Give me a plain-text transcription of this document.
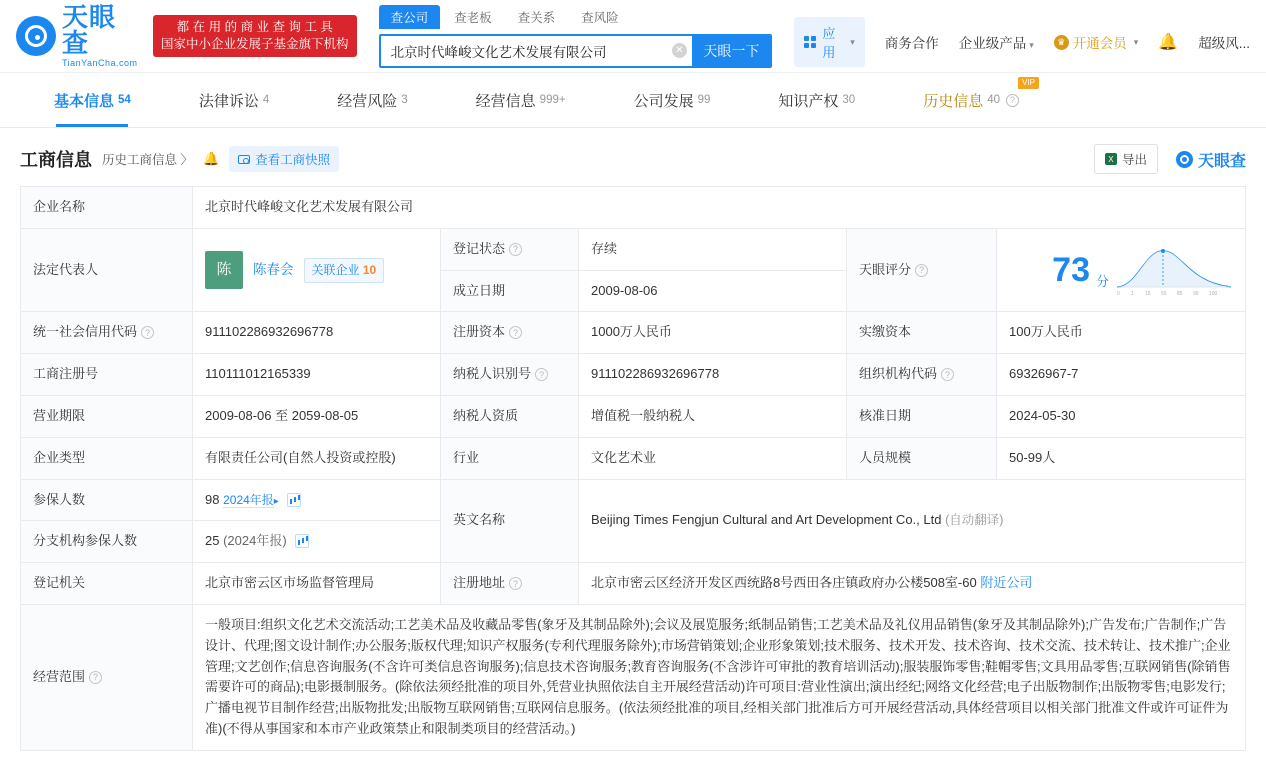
天眼查
TianYanCha.com
都 在 用 的 商 业 查 询 工 具
国家中小企业发展子基金旗下机构
查公司	查老板	查关系	查风险
北京时代峰峻文化艺术发展有限公司
✕	天眼一下
应用
▾ 商务合作 企业级产品 ▾	♛ 开通会员 ▾ 🔔 超级风...
基本信息 54	法律诉讼 4	经营风险 3	经营信息 999+	公司发展 99	知识产权 30
VIP
历史信息 40	?
工商信息 历史工商信息 〉 🔔	查看工商快照	X 导出	天眼查
企业名称	北京时代峰峻文化艺术发展有限公司				
法定代表人	陈	陈春会	关联企业 10
	登记状态 ?	存续	天眼评分 ?	73 分
0 1 15 50 85 99 100

		成立日期	2009-08-06		
统一社会信用代码 ?	911102286932696778	注册资本 ?	1000万人民币	实缴资本	100万人民币
工商注册号	110111012165339	纳税人识别号 ?	911102286932696778	组织机构代码 ?	69326967-7
营业期限	2009-08-06 至 2059-08-05	纳税人资质	增值税一般纳税人	核准日期	2024-05-30
企业类型	有限责任公司(自然人投资或控股)	行业	文化艺术业	人员规模	50-99人
参保人数	98 2024年报▸	英文名称	Beijing Times Fengjun Cultural and Art Development Co., Ltd (自动翻译)		
分支机构参保人数	25 (2024年报)				
登记机关	北京市密云区市场监督管理局	注册地址 ?	北京市密云区经济开发区西统路8号西田各庄镇政府办公楼508室-60 附近公司		
经营范围 ?	一般项目:组织文化艺术交流活动;工艺美术品及收藏品零售(象牙及其制品除外);会议及展览服务;纸制品销售;工艺美术品及礼仪用品销售(象牙及其制品除外);广告发布;广告制作;广告设计、代理;图文设计制作;办公服务;版权代理;知识产权服务(专利代理服务除外);市场营销策划;企业形象策划;技术服务、技术开发、技术咨询、技术交流、技术转让、技术推广;企业管理;文艺创作;信息咨询服务(不含许可类信息咨询服务);信息技术咨询服务;教育咨询服务(不含涉许可审批的教育培训活动);服装服饰零售;鞋帽零售;文具用品零售;互联网销售(除销售需要许可的商品);电影摄制服务。(除依法须经批准的项目外,凭营业执照依法自主开展经营活动)许可项目:营业性演出;演出经纪;网络文化经营;电子出版物制作;出版物零售;电影发行;广播电视节目制作经营;出版物批发;出版物互联网销售;互联网信息服务。(依法须经批准的项目,经相关部门批准后方可开展经营活动,具体经营项目以相关部门批准文件或许可证件为准)(不得从事国家和本市产业政策禁止和限制类项目的经营活动。)				
